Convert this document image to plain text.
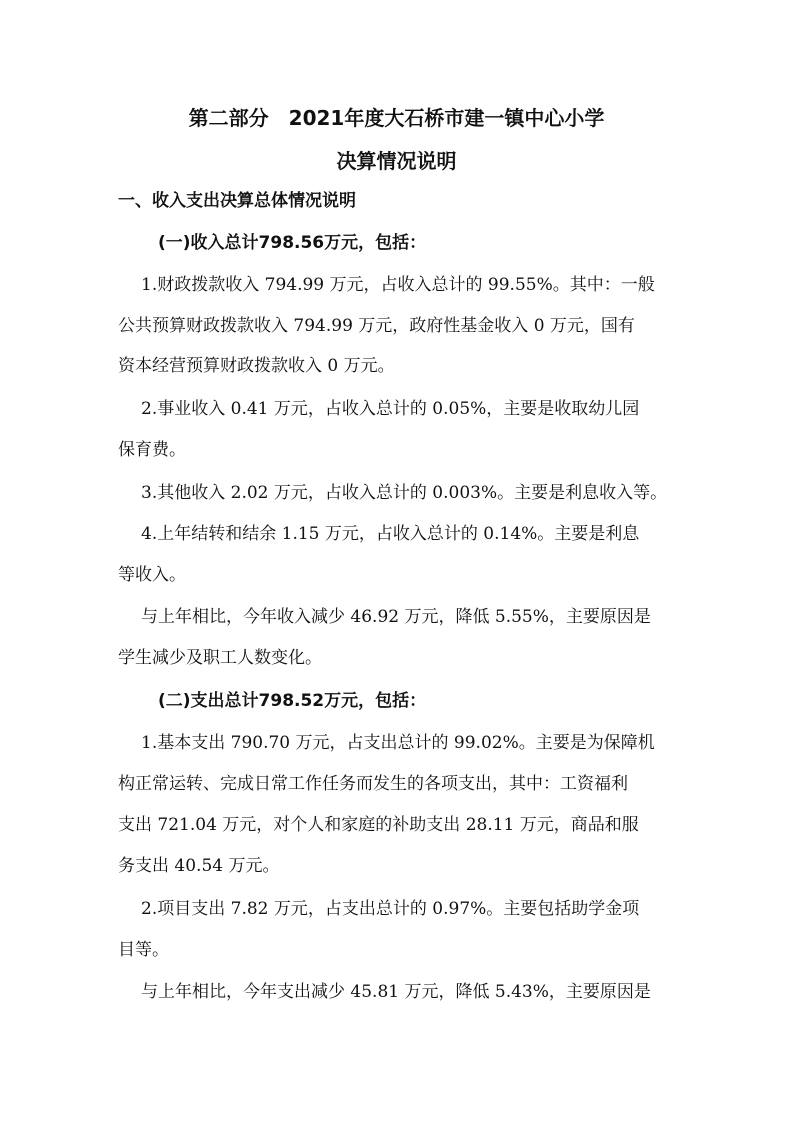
第二部分　2021年度大石桥市建一镇中心小学
决算情况说明
一、收入支出决算总体情况说明
(一)收入总计798.56万元，包括：
1.财政拨款收入 794.99 万元，占收入总计的 99.55%。其中：一般
公共预算财政拨款收入 794.99 万元，政府性基金收入 0 万元，国有
资本经营预算财政拨款收入 0 万元。
2.事业收入 0.41 万元，占收入总计的 0.05%，主要是收取幼儿园
保育费。
3.其他收入 2.02 万元，占收入总计的 0.003%。主要是利息收入等。
4.上年结转和结余 1.15 万元，占收入总计的 0.14%。主要是利息
等收入。
与上年相比，今年收入减少 46.92 万元，降低 5.55%，主要原因是
学生减少及职工人数变化。
(二)支出总计798.52万元，包括：
1.基本支出 790.70 万元，占支出总计的 99.02%。主要是为保障机
构正常运转、完成日常工作任务而发生的各项支出，其中：工资福利
支出 721.04 万元，对个人和家庭的补助支出 28.11 万元，商品和服
务支出 40.54 万元。
2.项目支出 7.82 万元，占支出总计的 0.97%。主要包括助学金项
目等。
与上年相比，今年支出减少 45.81 万元，降低 5.43%，主要原因是
